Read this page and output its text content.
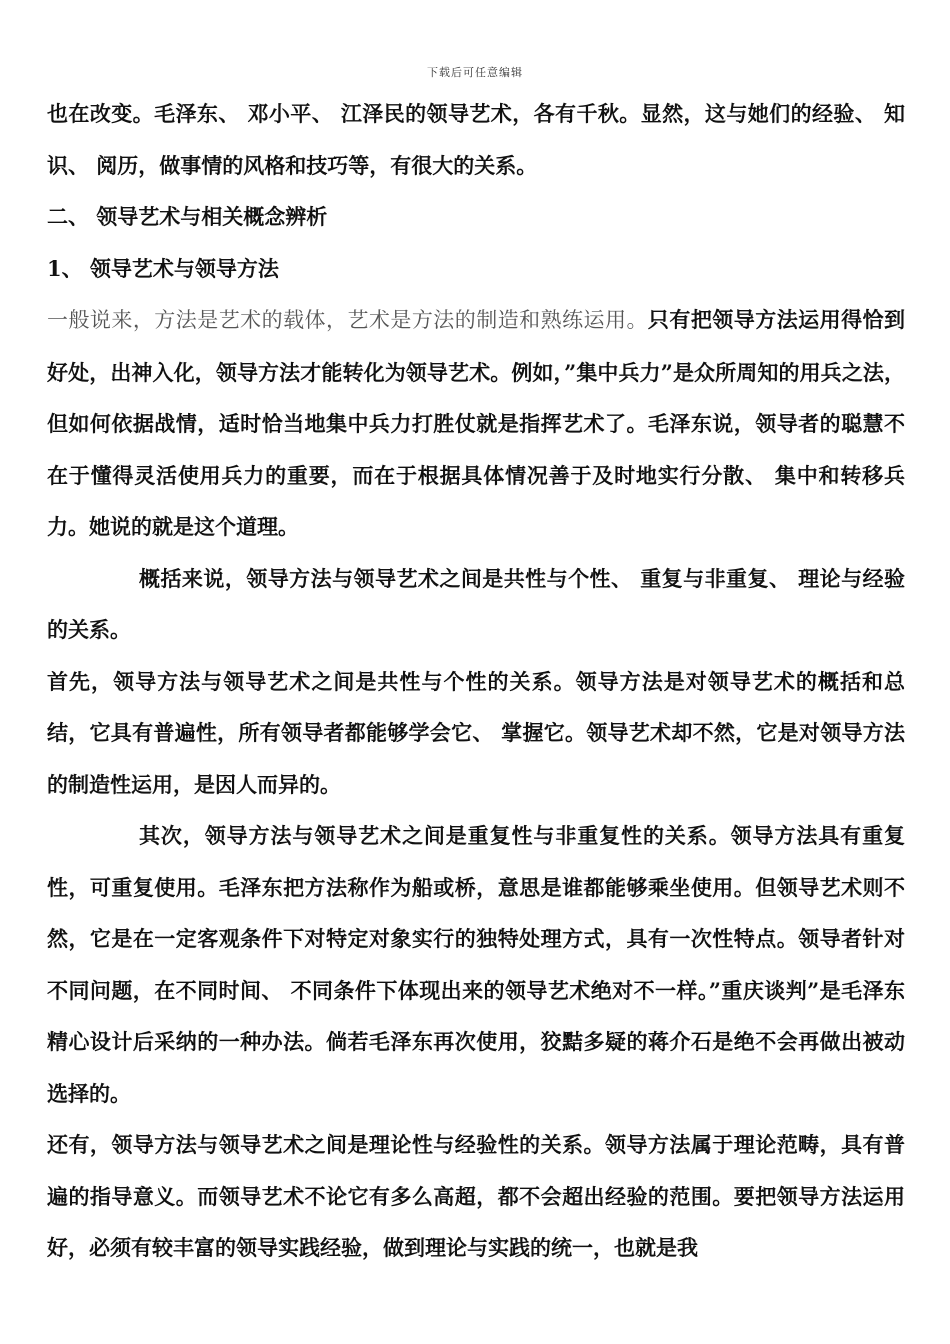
下载后可任意编辑

也在改变。毛泽东、 邓小平、 江泽民的领导艺术，各有千秋。显然，这与她们的经验、 知识、 阅历，做事情的风格和技巧等，有很大的关系。

二、 领导艺术与相关概念辨析

1、 领导艺术与领导方法

一般说来，方法是艺术的载体，艺术是方法的制造和熟练运用。只有把领导方法运用得恰到好处，出神入化，领导方法才能转化为领导艺术。例如，”集中兵力”是众所周知的用兵之法，但如何依据战情，适时恰当地集中兵力打胜仗就是指挥艺术了。毛泽东说，领导者的聪慧不在于懂得灵活使用兵力的重要，而在于根据具体情况善于及时地实行分散、 集中和转移兵力。她说的就是这个道理。

概括来说，领导方法与领导艺术之间是共性与个性、 重复与非重复、 理论与经验的关系。

首先，领导方法与领导艺术之间是共性与个性的关系。领导方法是对领导艺术的概括和总结，它具有普遍性，所有领导者都能够学会它、 掌握它。领导艺术却不然，它是对领导方法的制造性运用，是因人而异的。

其次，领导方法与领导艺术之间是重复性与非重复性的关系。领导方法具有重复性，可重复使用。毛泽东把方法称作为船或桥，意思是谁都能够乘坐使用。但领导艺术则不然，它是在一定客观条件下对特定对象实行的独特处理方式，具有一次性特点。领导者针对不同问题，在不同时间、 不同条件下体现出来的领导艺术绝对不一样。”重庆谈判”是毛泽东精心设计后采纳的一种办法。倘若毛泽东再次使用，狡黠多疑的蒋介石是绝不会再做出被动选择的。

还有，领导方法与领导艺术之间是理论性与经验性的关系。领导方法属于理论范畴，具有普遍的指导意义。而领导艺术不论它有多么高超，都不会超出经验的范围。要把领导方法运用好，必须有较丰富的领导实践经验，做到理论与实践的统一，也就是我
